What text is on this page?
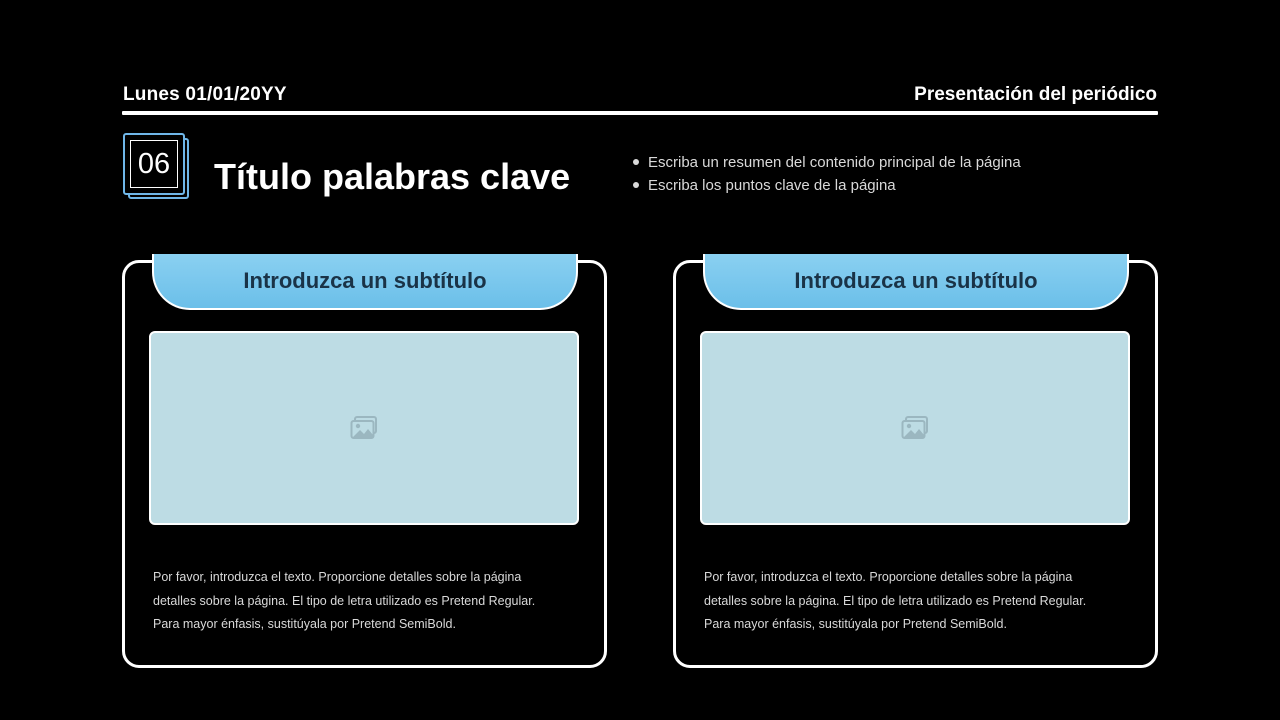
Lunes 01/01/20YY	Presentación del periódico
06 Título palabras clave	Escriba un resumen del contenido principal de la página
Escriba los puntos clave de la página
Introduzca un subtítulo
Por favor, introduzca el texto. Proporcione detalles sobre la página
detalles sobre la página. El tipo de letra utilizado es Pretend Regular.
Para mayor énfasis, sustitúyala por Pretend SemiBold.
Introduzca un subtítulo
Por favor, introduzca el texto. Proporcione detalles sobre la página
detalles sobre la página. El tipo de letra utilizado es Pretend Regular.
Para mayor énfasis, sustitúyala por Pretend SemiBold.
